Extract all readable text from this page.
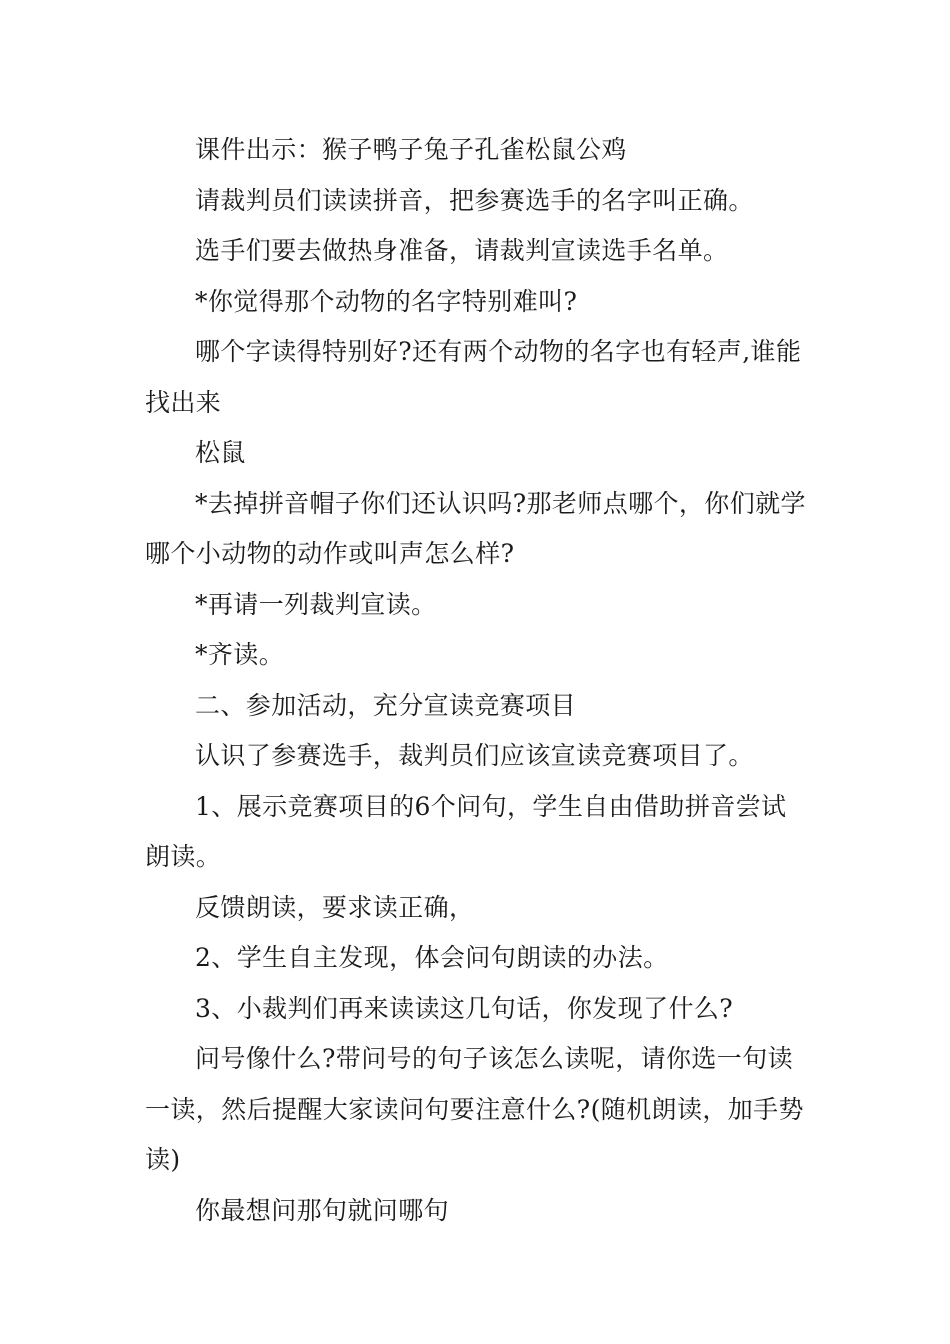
课件出示：猴子鸭子兔子孔雀松鼠公鸡

请裁判员们读读拼音，把参赛选手的名字叫正确。

选手们要去做热身准备，请裁判宣读选手名单。

*你觉得那个动物的名字特别难叫?

哪个字读得特别好?还有两个动物的名字也有轻声,谁能找出来

松鼠

*去掉拼音帽子你们还认识吗?那老师点哪个，你们就学哪个小动物的动作或叫声怎么样?

*再请一列裁判宣读。

*齐读。

二、参加活动，充分宣读竞赛项目

认识了参赛选手，裁判员们应该宣读竞赛项目了。

1、展示竞赛项目的6个问句，学生自由借助拼音尝试朗读。

反馈朗读，要求读正确，

2、学生自主发现，体会问句朗读的办法。

3、小裁判们再来读读这几句话，你发现了什么?

问号像什么?带问号的句子该怎么读呢，请你选一句读一读，然后提醒大家读问句要注意什么?(随机朗读，加手势读)

你最想问那句就问哪句
